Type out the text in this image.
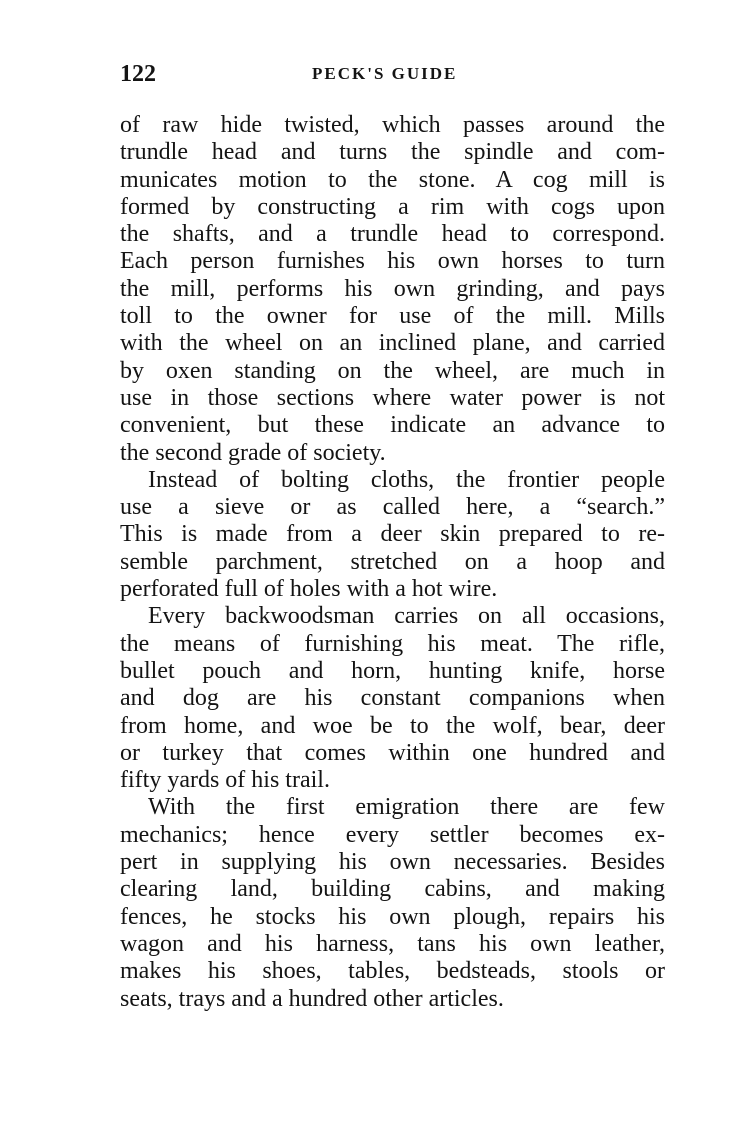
122	PECK'S GUIDE
of raw hide twisted, which passes around the
trundle head and turns the spindle and com-
municates motion to the stone. A cog mill is
formed by constructing a rim with cogs upon
the shafts, and a trundle head to correspond.
Each person furnishes his own horses to turn
the mill, performs his own grinding, and pays
toll to the owner for use of the mill. Mills
with the wheel on an inclined plane, and carried
by oxen standing on the wheel, are much in
use in those sections where water power is not
convenient, but these indicate an advance to
the second grade of society.
Instead of bolting cloths, the frontier people
use a sieve or as called here, a “search.”
This is made from a deer skin prepared to re-
semble parchment, stretched on a hoop and
perforated full of holes with a hot wire.
Every backwoodsman carries on all occasions,
the means of furnishing his meat. The rifle,
bullet pouch and horn, hunting knife, horse
and dog are his constant companions when
from home, and woe be to the wolf, bear, deer
or turkey that comes within one hundred and
fifty yards of his trail.
With the first emigration there are few
mechanics; hence every settler becomes ex-
pert in supplying his own necessaries. Besides
clearing land, building cabins, and making
fences, he stocks his own plough, repairs his
wagon and his harness, tans his own leather,
makes his shoes, tables, bedsteads, stools or
seats, trays and a hundred other articles.
